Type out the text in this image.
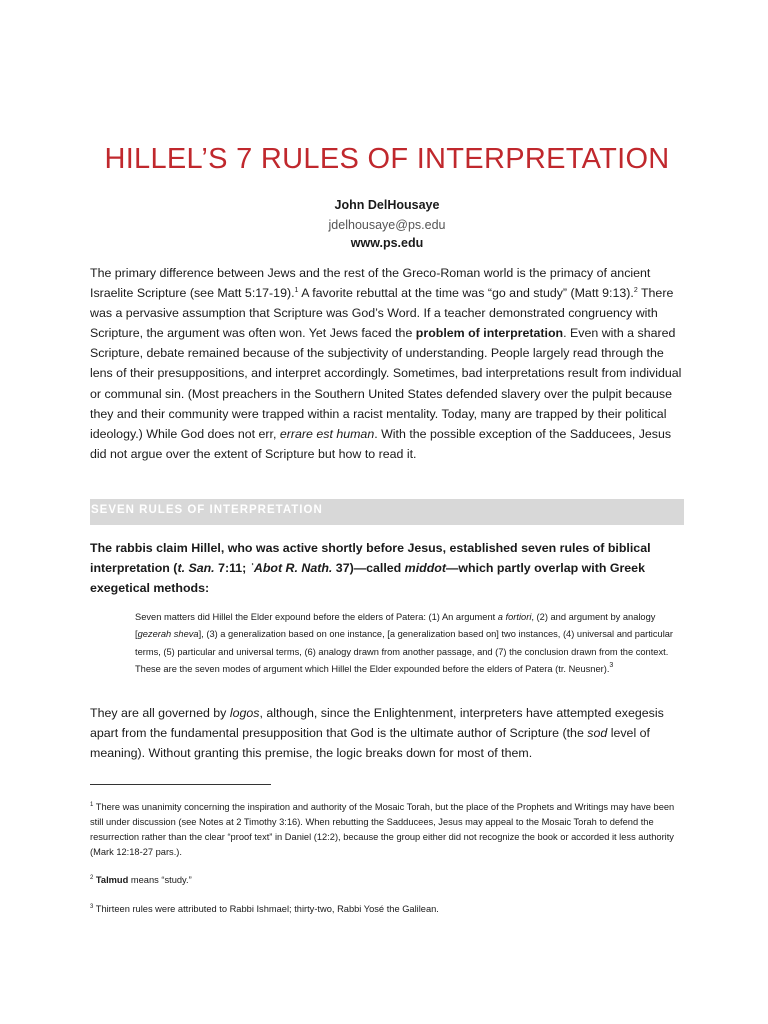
HILLEL’S 7 RULES OF INTERPRETATION
John DelHousaye
jdelhousaye@ps.edu
www.ps.edu

The primary difference between Jews and the rest of the Greco-Roman world is the primacy of ancient Israelite Scripture (see Matt 5:17-19).$^1$ A favorite rebuttal at the time was “go and study” (Matt 9:13).$^2$ There was a pervasive assumption that Scripture was God’s Word. If a teacher demonstrated congruency with Scripture, the argument was often won. Yet Jews faced the problem of interpretation. Even with a shared Scripture, debate remained because of the subjectivity of understanding. People largely read through the lens of their presuppositions, and interpret accordingly. Sometimes, bad interpretations result from individual or communal sin. (Most preachers in the Southern United States defended slavery over the pulpit because they and their community were trapped within a racist mentality. Today, many are trapped by their political ideology.) While God does not err, errare est human. With the possible exception of the Sadducees, Jesus did not argue over the extent of Scripture but how to read it.

SEVEN RULES OF INTERPRETATION

The rabbis claim Hillel, who was active shortly before Jesus, established seven rules of biblical interpretation (t. San. 7:11; ʾAbot R. Nath. 37)—called middot—which partly overlap with Greek exegetical methods:

Seven matters did Hillel the Elder expound before the elders of Patera: (1) An argument a fortiori, (2) and argument by analogy [gezerah sheva], (3) a generalization based on one instance, [a generalization based on] two instances, (4) universal and particular terms, (5) particular and universal terms, (6) analogy drawn from another passage, and (7) the conclusion drawn from the context. These are the seven modes of argument which Hillel the Elder expounded before the elders of Patera (tr. Neusner).$^3$

They are all governed by logos, although, since the Enlightenment, interpreters have attempted exegesis apart from the fundamental presupposition that God is the ultimate author of Scripture (the sod level of meaning). Without granting this premise, the logic breaks down for most of them.

$^1$ There was unanimity concerning the inspiration and authority of the Mosaic Torah, but the place of the Prophets and Writings may have been still under discussion (see Notes at 2 Timothy 3:16). When rebutting the Sadducees, Jesus may appeal to the Mosaic Torah to defend the resurrection rather than the clear “proof text” in Daniel (12:2), because the group either did not recognize the book or accorded it less authority (Mark 12:18-27 pars.).

$^2$ Talmud means “study.”

$^3$ Thirteen rules were attributed to Rabbi Ishmael; thirty-two, Rabbi Yosé the Galilean.
